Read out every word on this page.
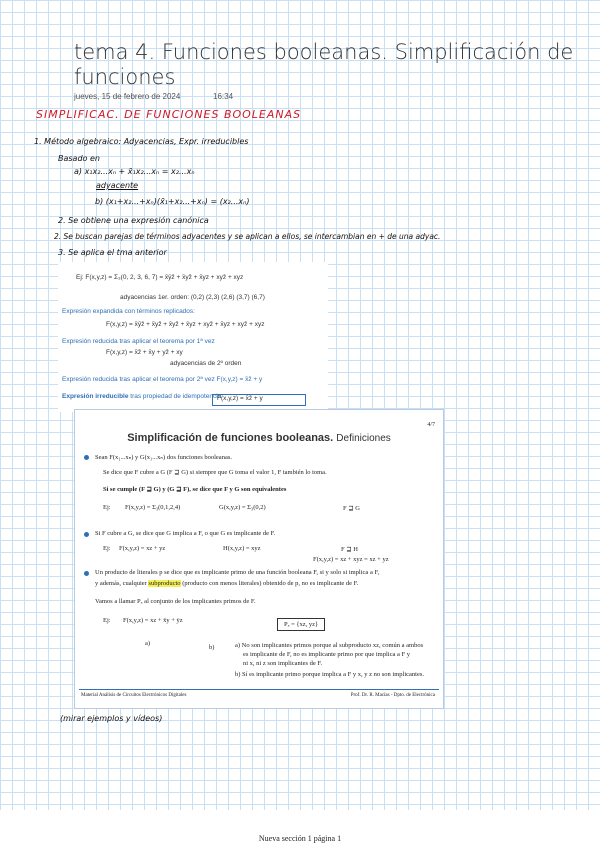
tema 4. Funciones booleanas. Simplificación de funciones
jueves, 15 de febrero de 2024	16:34
SIMPLIFICAC. DE FUNCIONES BOOLEANAS
1. Método algebraico: Adyacencias, Expr. irreducibles
Basado en
a) x₁x₂...xₙ + x̄₁x₂...xₙ = x₂...xₙ
adyacente
b) (x₁+x₂...+xₙ)(x̄₁+x₂...+xₙ) = (x₂...xₙ)
2. Se obtiene una expresión canónica
2. Se buscan parejas de términos adyacentes y se aplican a ellos, se intercambian en + de una adyac.
3. Se aplica el tma anterior
Ej: F(x,y,z) = Σ₃(0, 2, 3, 6, 7) = x̄ȳz̄ + x̄yz̄ + x̄yz + xyz̄ + xyz
adyacencias 1er. orden: (0,2) (2,3) (2,6) (3,7) (6,7)
Expresión expandida con términos replicados:
F(x,y,z) = x̄ȳz̄ + x̄yz̄ + x̄yz̄ + x̄yz + xyz̄ + x̄yz + xyz̄ + xyz
Expresión reducida tras aplicar el teorema por 1ª vez
F(x,y,z) = x̄z̄ + x̄y + yz̄ + xy
adyacencias de 2º orden
Expresión reducida tras aplicar el teorema por 2ª vez F(x,y,z) = x̄z̄ + y
Expresión irreducible tras propiedad de idempotencia
F(x,y,z) = x̄z̄ + y
4/7
Simplificación de funciones booleanas. Definiciones
Sean F(x₁...xₙ) y G(x₁...xₙ) dos funciones booleanas.
Se dice que F cubre a G (F ⊒ G) si siempre que G toma el valor 1, F también lo toma.
Si se cumple (F ⊒ G) y (G ⊒ F), se dice que F y G son equivalentes
Ej: F(x,y,z) = Σ₃(0,1,2,4)	G(x,y,z) = Σ₃(0,2)	F ⊒ G
Si F cubre a G, se dice que G implica a F, o que G es implicante de F.
Ej: F(x,y,z) = xz + yz	H(x,y,z) = xyz	F ⊒ H
F(x,y,z) = xz + xyz = xz + yz
Un producto de literales p se dice que es implicante primo de una función booleana F, si y solo si implica a F,
y además, cualquier subproducto (producto con menos literales) obtenido de p, no es implicante de F.
Vamos a llamar Pₓ al conjunto de los implicantes primos de F.
Ej: F(x,y,z) = xz + x̄y + ȳz
a)
b)
Pₓ = {xz, yz}
a) No son implicantes primos porque al subproducto xz, común a ambos
es implicante de F, no es implicante primo por que implica a F y
ni x, ni z son implicantes de F.
b) Sí es implicante primo porque implica a F y x, y z no son implicantes.
Material Análisis de Circuitos Electrónicos Digitales	Prof. Dr. R. Macías - Dpto. de Electrónica
(mirar ejemplos y vídeos)
Nueva sección 1 página 1
